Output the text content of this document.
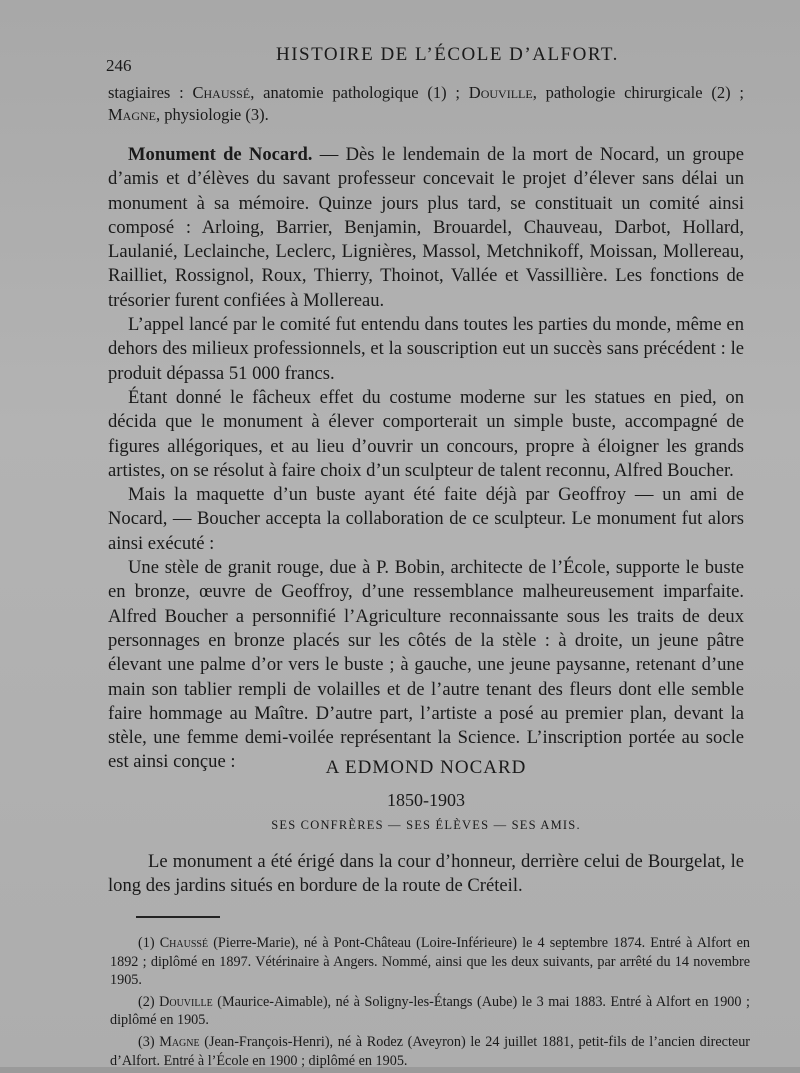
246
HISTOIRE DE L’ÉCOLE D’ALFORT.
stagiaires : Chaussé, anatomie pathologique (1) ; Douville, pathologie chirurgicale (2) ; Magne, physiologie (3).

Monument de Nocard. — Dès le lendemain de la mort de Nocard, un groupe d’amis et d’élèves du savant professeur concevait le projet d’élever sans délai un monument à sa mémoire. Quinze jours plus tard, se constituait un comité ainsi composé : Arloing, Barrier, Benjamin, Brouardel, Chauveau, Darbot, Hollard, Laulanié, Leclainche, Leclerc, Lignières, Massol, Metchnikoff, Moissan, Mollereau, Railliet, Rossignol, Roux, Thierry, Thoinot, Vallée et Vassillière. Les fonctions de trésorier furent confiées à Mollereau.

L’appel lancé par le comité fut entendu dans toutes les parties du monde, même en dehors des milieux professionnels, et la souscription eut un succès sans précédent : le produit dépassa 51 000 francs.

Étant donné le fâcheux effet du costume moderne sur les statues en pied, on décida que le monument à élever comporterait un simple buste, accompagné de figures allégoriques, et au lieu d’ouvrir un concours, propre à éloigner les grands artistes, on se résolut à faire choix d’un sculpteur de talent reconnu, Alfred Boucher.

Mais la maquette d’un buste ayant été faite déjà par Geoffroy — un ami de Nocard, — Boucher accepta la collaboration de ce sculpteur. Le monument fut alors ainsi exécuté :

Une stèle de granit rouge, due à P. Bobin, architecte de l’École, supporte le buste en bronze, œuvre de Geoffroy, d’une ressemblance malheureusement imparfaite. Alfred Boucher a personnifié l’Agriculture reconnaissante sous les traits de deux personnages en bronze placés sur les côtés de la stèle : à droite, un jeune pâtre élevant une palme d’or vers le buste ; à gauche, une jeune paysanne, retenant d’une main son tablier rempli de volailles et de l’autre tenant des fleurs dont elle semble faire hommage au Maître. D’autre part, l’artiste a posé au premier plan, devant la stèle, une femme demi-voilée représentant la Science. L’inscription portée au socle est ainsi conçue :	A EDMOND NOCARD
1850-1903
SES CONFRÈRES — SES ÉLÈVES — SES AMIS.

Le monument a été érigé dans la cour d’honneur, derrière celui de Bourgelat, le long des jardins situés en bordure de la route de Créteil.

(1) Chaussé (Pierre-Marie), né à Pont-Château (Loire-Inférieure) le 4 septembre 1874. Entré à Alfort en 1892 ; diplômé en 1897. Vétérinaire à Angers. Nommé, ainsi que les deux suivants, par arrêté du 14 novembre 1905.

(2) Douville (Maurice-Aimable), né à Soligny-les-Étangs (Aube) le 3 mai 1883. Entré à Alfort en 1900 ; diplômé en 1905.

(3) Magne (Jean-François-Henri), né à Rodez (Aveyron) le 24 juillet 1881, petit-fils de l’ancien directeur d’Alfort. Entré à l’École en 1900 ; diplômé en 1905.
